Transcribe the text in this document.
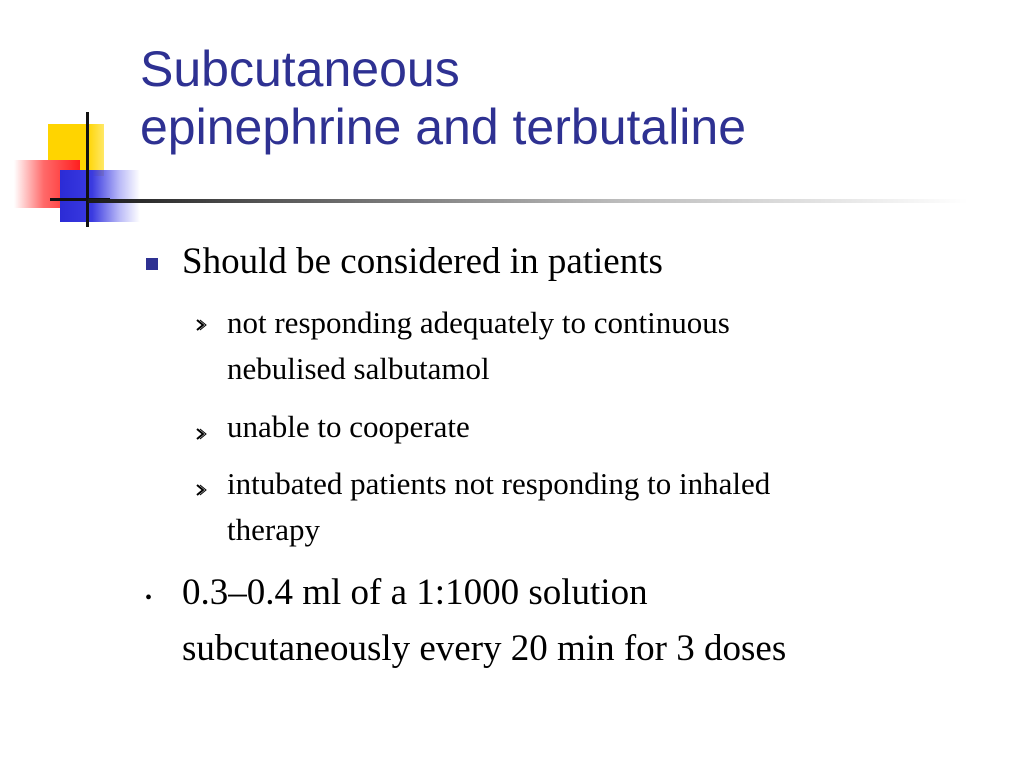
Subcutaneous
epinephrine and terbutaline
Should be considered in patients
not responding adequately to continuous
nebulised salbutamol
unable to cooperate
intubated patients not responding to inhaled
therapy
• 0.3–0.4 ml of a 1:1000 solution
subcutaneously every 20 min for 3 doses
